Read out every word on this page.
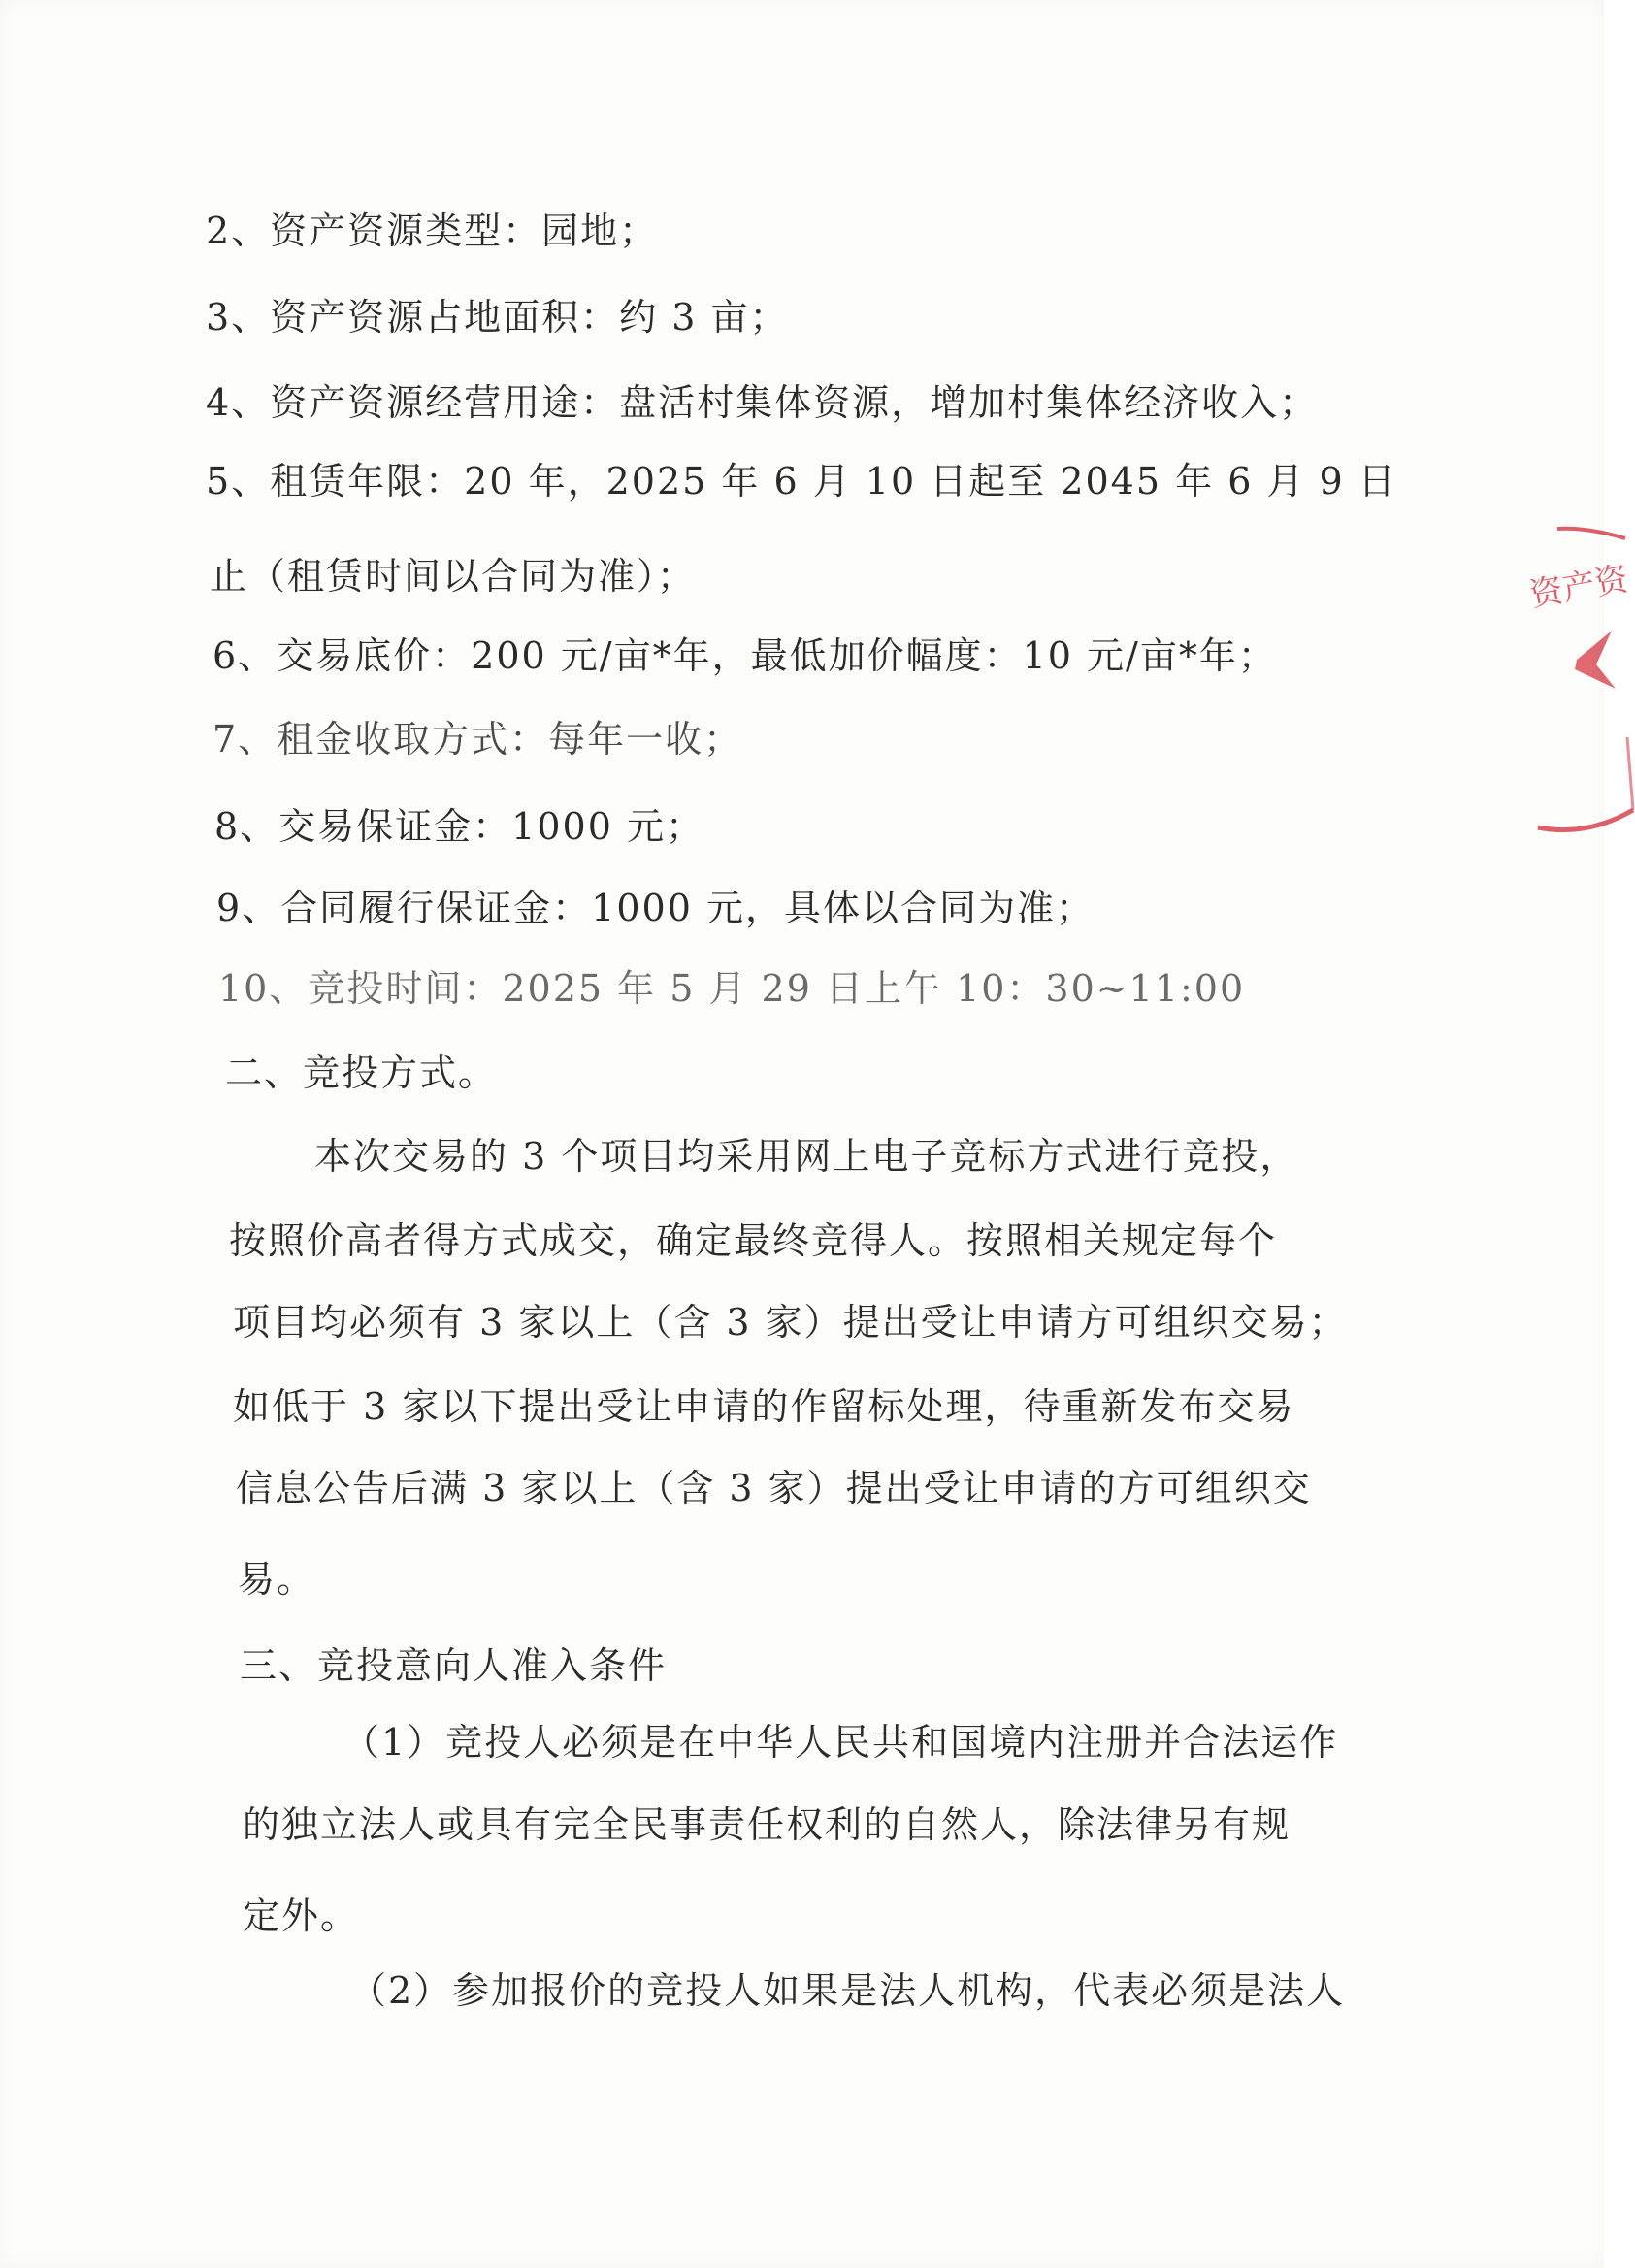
2、资产资源类型：园地；
3、资产资源占地面积：约 3 亩；
4、资产资源经营用途：盘活村集体资源，增加村集体经济收入；
5、租赁年限：20 年，2025 年 6 月 10 日起至 2045 年 6 月 9 日
止（租赁时间以合同为准）；
6、交易底价：200 元/亩*年，最低加价幅度：10 元/亩*年；
7、租金收取方式：每年一收；
8、交易保证金：1000 元；
9、合同履行保证金：1000 元，具体以合同为准；
10、竞投时间：2025 年 5 月 29 日上午 10：30~11:00
二、竞投方式。
本次交易的 3 个项目均采用网上电子竞标方式进行竞投，
按照价高者得方式成交，确定最终竞得人。按照相关规定每个
项目均必须有 3 家以上（含 3 家）提出受让申请方可组织交易；
如低于 3 家以下提出受让申请的作留标处理，待重新发布交易
信息公告后满 3 家以上（含 3 家）提出受让申请的方可组织交
易。
三、竞投意向人准入条件
（1）竞投人必须是在中华人民共和国境内注册并合法运作
的独立法人或具有完全民事责任权利的自然人，除法律另有规
定外。
（2）参加报价的竞投人如果是法人机构，代表必须是法人
资产资
